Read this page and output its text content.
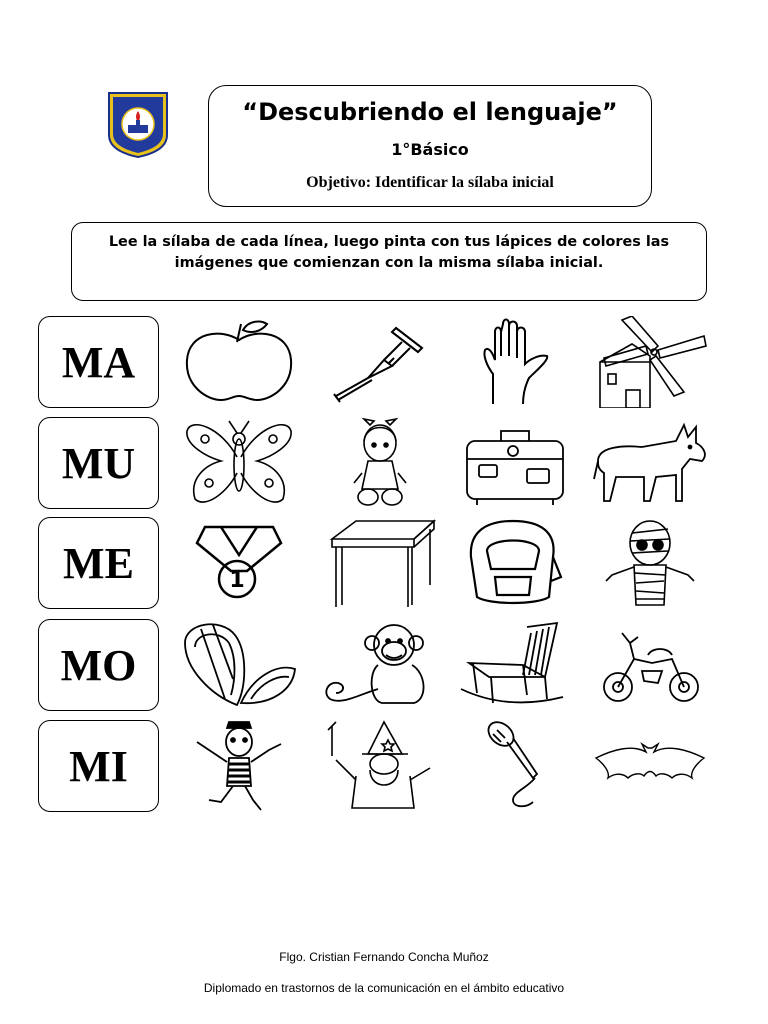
“Descubriendo el lenguaje”
1°Básico
Objetivo: Identificar la sílaba inicial
Lee la sílaba de cada línea, luego pinta con tus lápices de colores las
imágenes que comienzan con la misma sílaba inicial.
MA
MU
ME
MO
MI
1
Flgo. Cristian Fernando Concha Muñoz
Diplomado en trastornos de la comunicación en el ámbito educativo
